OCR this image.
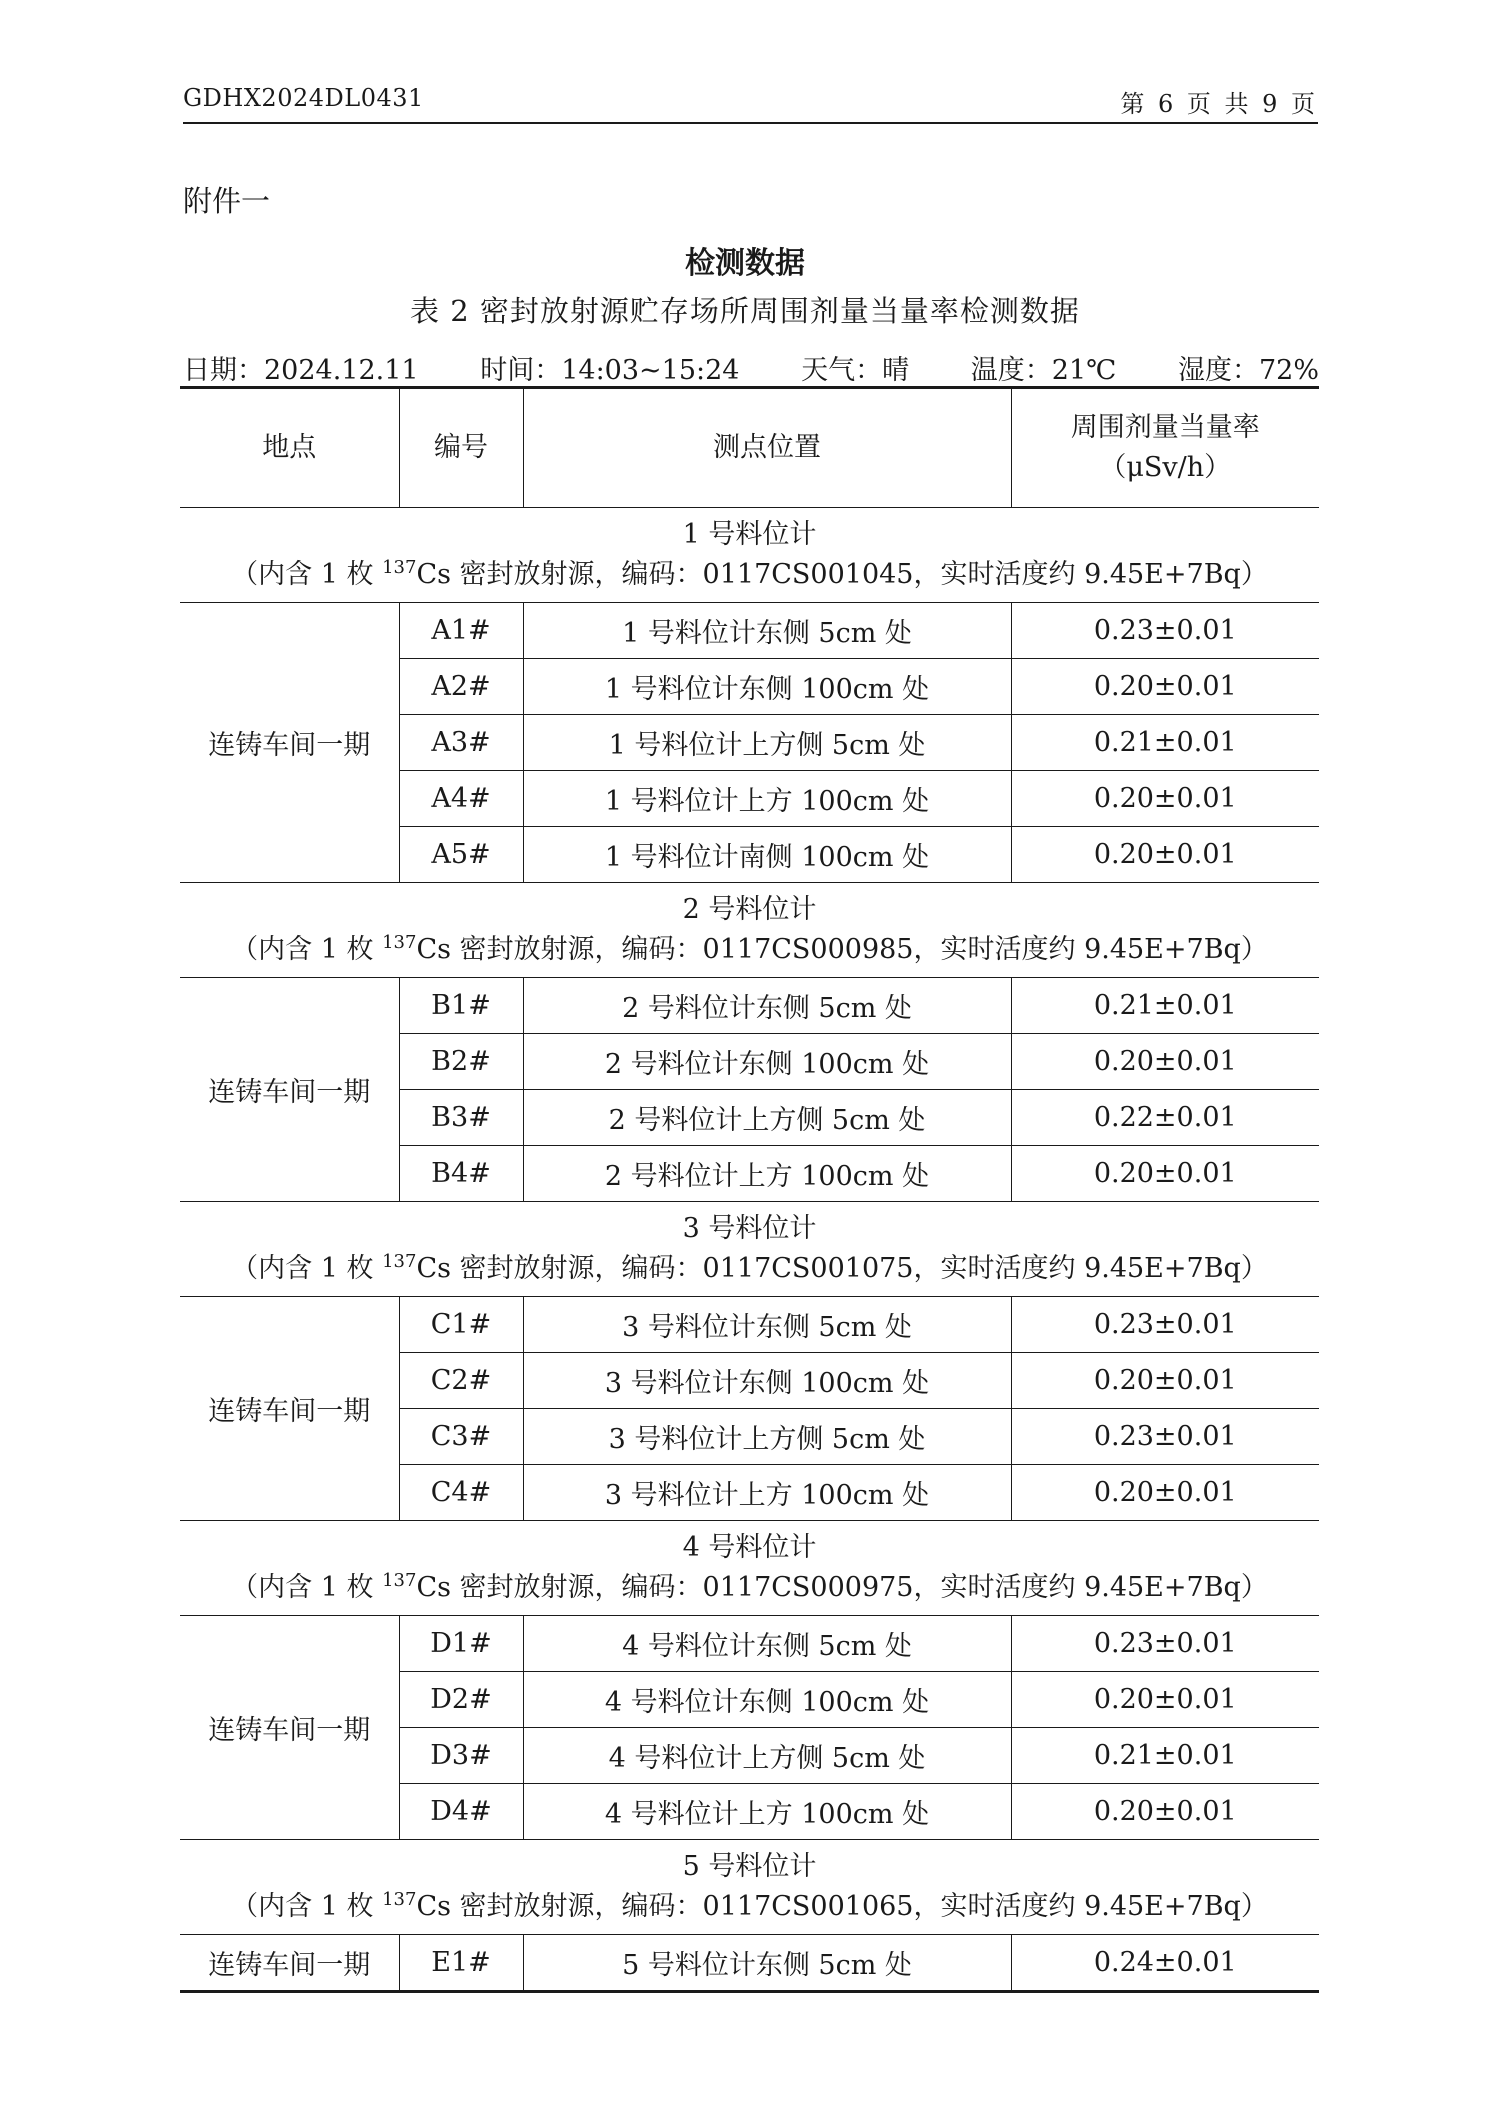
GDHX2024DL0431	第 6 页 共 9 页
附件一
检测数据
表 2 密封放射源贮存场所周围剂量当量率检测数据
日期：2024.12.11 时间：14:03~15:24 天气：晴 温度：21℃ 湿度：72%
地点	编号	测点位置	周围剂量当量率
（μSv/h）

1 号料位计
（内含 1 枚 $^{137}$Cs 密封放射源，编码：0117CS001045，实时活度约 9.45E+7Bq）			

连铸车间一期	A1#	1 号料位计东侧 5cm 处	0.23±0.01
	A2#	1 号料位计东侧 100cm 处	0.20±0.01
	A3#	1 号料位计上方侧 5cm 处	0.21±0.01
	A4#	1 号料位计上方 100cm 处	0.20±0.01
	A5#	1 号料位计南侧 100cm 处	0.20±0.01

2 号料位计
（内含 1 枚 $^{137}$Cs 密封放射源，编码：0117CS000985，实时活度约 9.45E+7Bq）			

连铸车间一期	B1#	2 号料位计东侧 5cm 处	0.21±0.01
	B2#	2 号料位计东侧 100cm 处	0.20±0.01
	B3#	2 号料位计上方侧 5cm 处	0.22±0.01
	B4#	2 号料位计上方 100cm 处	0.20±0.01

3 号料位计
（内含 1 枚 $^{137}$Cs 密封放射源，编码：0117CS001075，实时活度约 9.45E+7Bq）			

连铸车间一期	C1#	3 号料位计东侧 5cm 处	0.23±0.01
	C2#	3 号料位计东侧 100cm 处	0.20±0.01
	C3#	3 号料位计上方侧 5cm 处	0.23±0.01
	C4#	3 号料位计上方 100cm 处	0.20±0.01

4 号料位计
（内含 1 枚 $^{137}$Cs 密封放射源，编码：0117CS000975，实时活度约 9.45E+7Bq）			

连铸车间一期	D1#	4 号料位计东侧 5cm 处	0.23±0.01
	D2#	4 号料位计东侧 100cm 处	0.20±0.01
	D3#	4 号料位计上方侧 5cm 处	0.21±0.01
	D4#	4 号料位计上方 100cm 处	0.20±0.01

5 号料位计
（内含 1 枚 $^{137}$Cs 密封放射源，编码：0117CS001065，实时活度约 9.45E+7Bq）			

连铸车间一期	E1#	5 号料位计东侧 5cm 处	0.24±0.01
